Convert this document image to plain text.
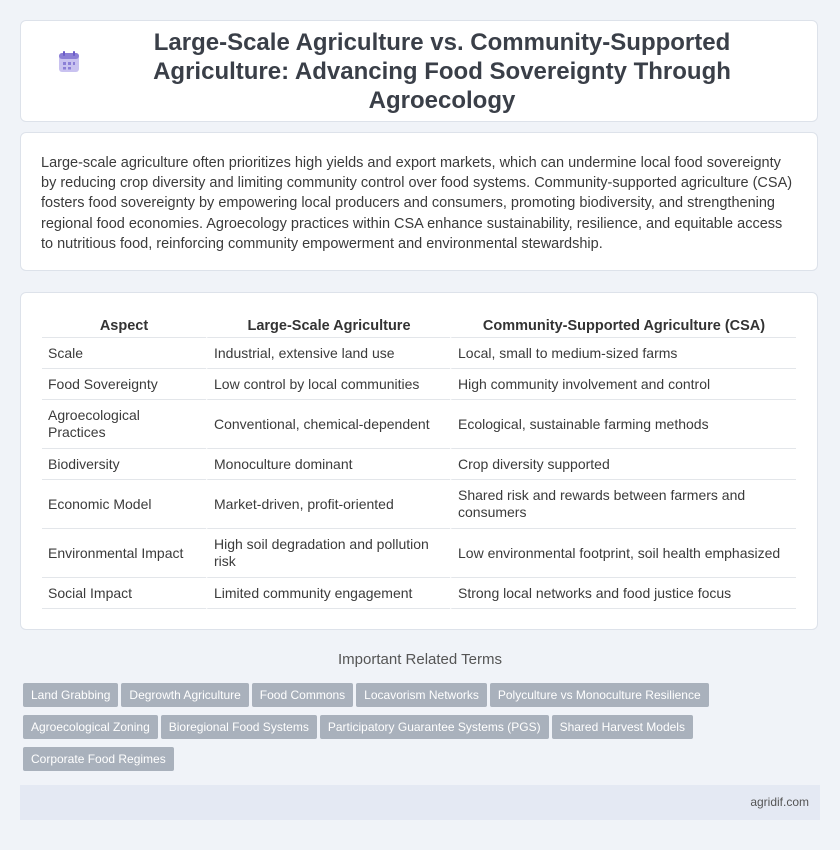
Large-Scale Agriculture vs. Community-Supported Agriculture: Advancing Food Sovereignty Through Agroecology

Large-scale agriculture often prioritizes high yields and export markets, which can undermine local food sovereignty by reducing crop diversity and limiting community control over food systems. Community-supported agriculture (CSA) fosters food sovereignty by empowering local producers and consumers, promoting biodiversity, and strengthening regional food economies. Agroecology practices within CSA enhance sustainability, resilience, and equitable access to nutritious food, reinforcing community empowerment and environmental stewardship.

Aspect	Large-Scale Agriculture	Community-Supported Agriculture (CSA)
Scale	Industrial, extensive land use	Local, small to medium-sized farms
Food Sovereignty	Low control by local communities	High community involvement and control
Agroecological Practices	Conventional, chemical-dependent	Ecological, sustainable farming methods
Biodiversity	Monoculture dominant	Crop diversity supported
Economic Model	Market-driven, profit-oriented	Shared risk and rewards between farmers and consumers
Environmental Impact	High soil degradation and pollution risk	Low environmental footprint, soil health emphasized
Social Impact	Limited community engagement	Strong local networks and food justice focus
Important Related Terms
Land Grabbing Degrowth Agriculture Food Commons Locavorism Networks Polyculture vs Monoculture Resilience Agroecological Zoning Bioregional Food Systems Participatory Guarantee Systems (PGS) Shared Harvest Models Corporate Food Regimes
agridif.com
